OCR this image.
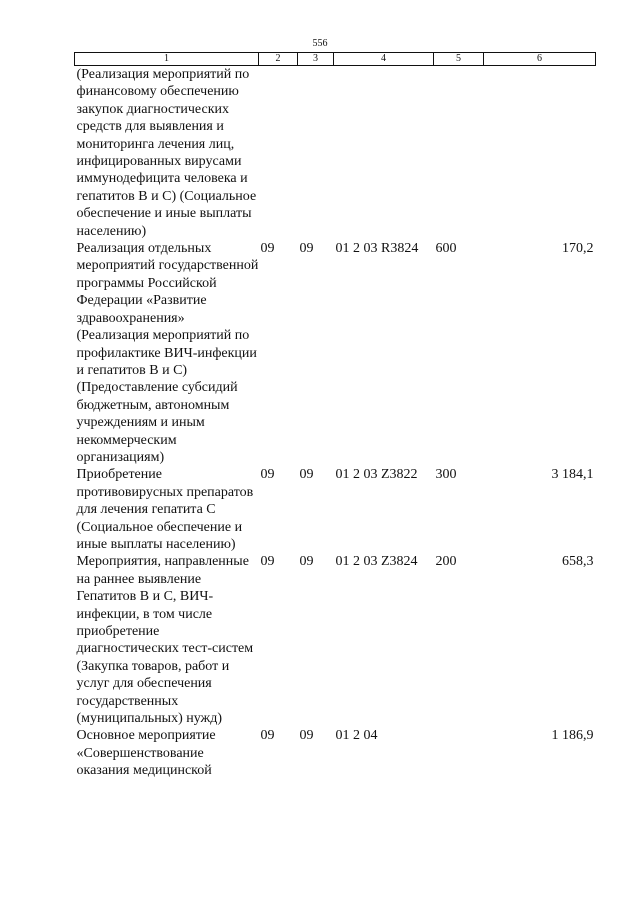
556
1	2	3	4	5	6
(Реализация мероприятий по финансовому обеспечению закупок диагностических средств для выявления и мониторинга лечения лиц, инфицированных вирусами иммунодефицита человека и гепатитов В и С) (Социальное обеспечение и иные выплаты населению)					
Реализация отдельных мероприятий государственной программы Российской Федерации «Развитие здравоохранения» (Реализация мероприятий по профилактике ВИЧ-инфекции и гепатитов В и С) (Предоставление субсидий бюджетным, автономным учреждениям и иным некоммерческим организациям)	09	09	01 2 03 R3824	600	170,2
Приобретение противовирусных препаратов для лечения гепатита С (Социальное обеспечение и иные выплаты населению)	09	09	01 2 03 Z3822	300	3 184,1
Мероприятия, направленные на раннее выявление Гепатитов В и С, ВИЧ-инфекции, в том числе приобретение диагностических тест-систем (Закупка товаров, работ и услуг для обеспечения государственных (муниципальных) нужд)	09	09	01 2 03 Z3824	200	658,3
Основное мероприятие «Совершенствование оказания медицинской	09	09	01 2 04		1 186,9
